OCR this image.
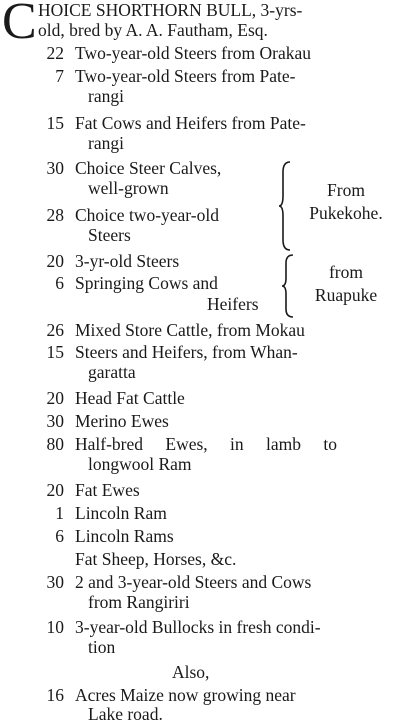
C HOICE SHORTHORN BULL, 3-yrs-
old, bred by A. A. Fautham, Esq.
22 Two-year-old Steers from Orakau
7 Two-year-old Steers from Pate-
rangi
15 Fat Cows and Heifers from Pate-
rangi
30 Choice Steer Calves,
well-grown
28 Choice two-year-old
Steers
From
Pukekohe.
20 3-yr-old Steers
6 Springing Cows and
Heifers
from
Ruapuke
26 Mixed Store Cattle, from Mokau
15 Steers and Heifers, from Whan-
garatta
20 Head Fat Cattle
30 Merino Ewes
80 Half-bred Ewes, in lamb to
longwool Ram
20 Fat Ewes
1 Lincoln Ram
6 Lincoln Rams
Fat Sheep, Horses, &c.
30 2 and 3-year-old Steers and Cows
from Rangiriri
10 3-year-old Bullocks in fresh condi-
tion
Also,
16 Acres Maize now growing near
Lake road.
